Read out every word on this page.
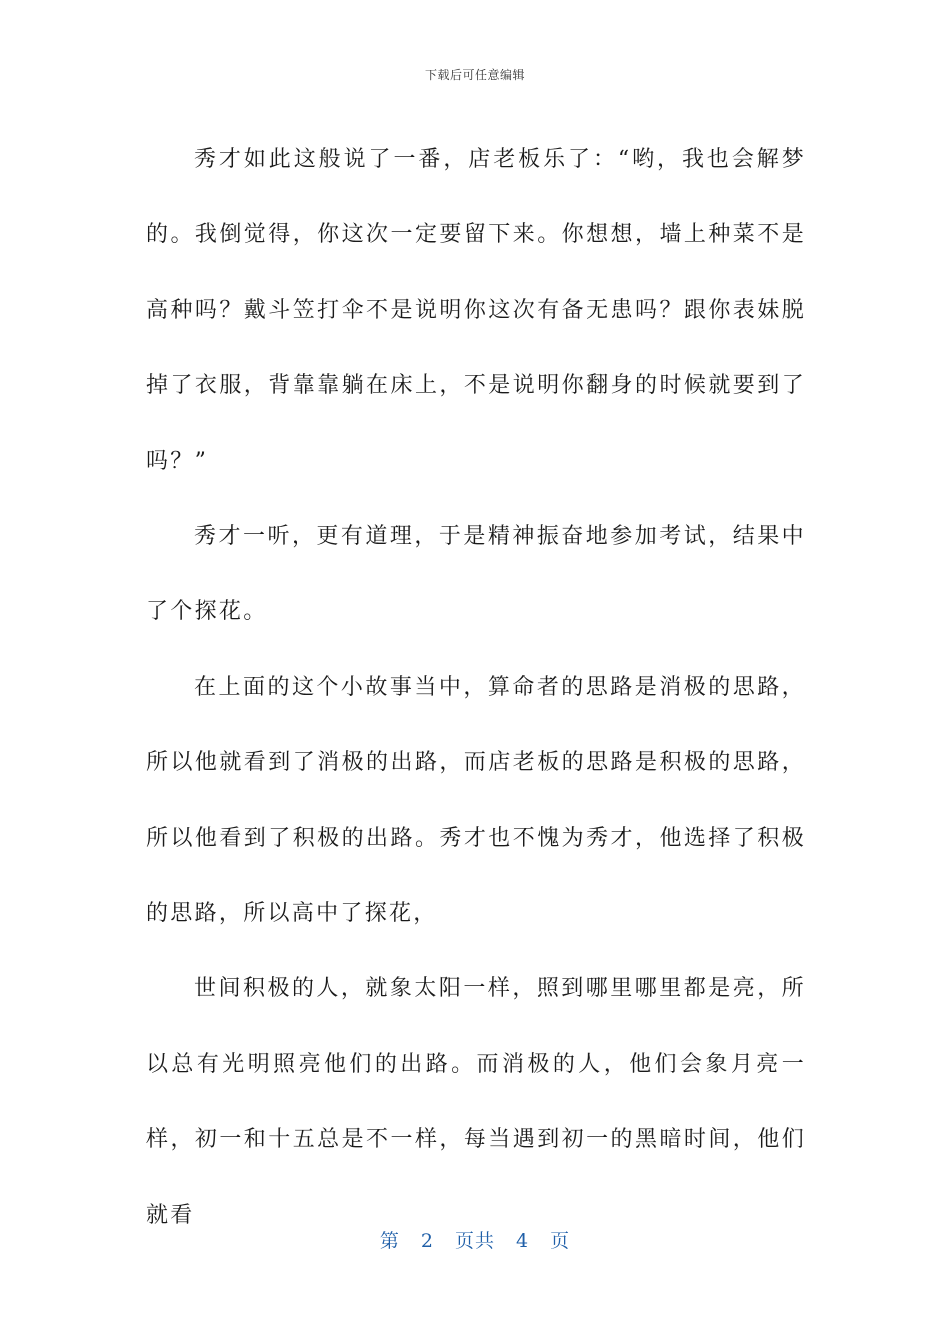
下载后可任意编辑

秀才如此这般说了一番，店老板乐了：“哟，我也会解梦的。我倒觉得，你这次一定要留下来。你想想，墙上种菜不是高种吗？戴斗笠打伞不是说明你这次有备无患吗？跟你表妹脱掉了衣服，背靠靠躺在床上，不是说明你翻身的时候就要到了吗？”

秀才一听，更有道理，于是精神振奋地参加考试，结果中了个探花。

在上面的这个小故事当中，算命者的思路是消极的思路，所以他就看到了消极的出路，而店老板的思路是积极的思路，所以他看到了积极的出路。秀才也不愧为秀才，他选择了积极的思路，所以高中了探花，

世间积极的人，就象太阳一样，照到哪里哪里都是亮，所以总有光明照亮他们的出路。而消极的人，他们会象月亮一样，初一和十五总是不一样，每当遇到初一的黑暗时间，他们就看

第 2 页共 4 页
